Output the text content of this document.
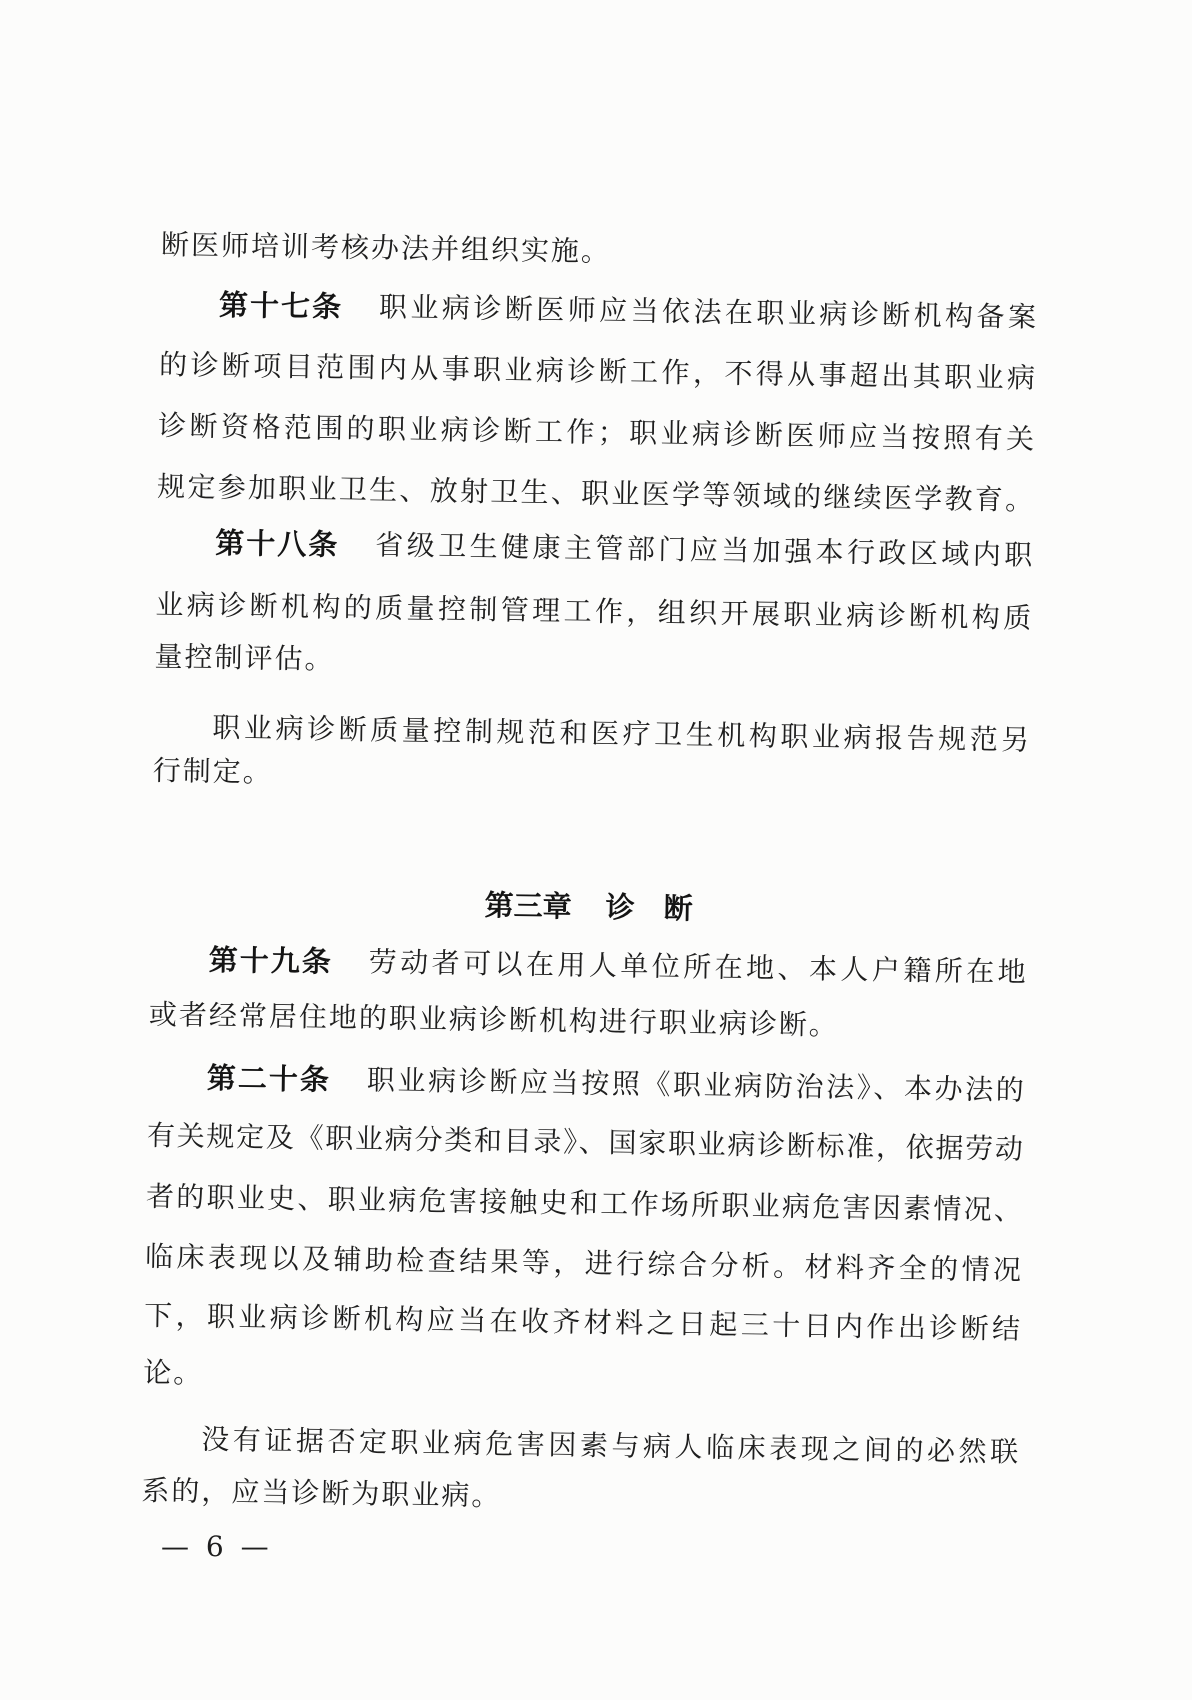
断医师培训考核办法并组织实施。
第十七条 职业病诊断医师应当依法在职业病诊断机构备案
的诊断项目范围内从事职业病诊断工作，不得从事超出其职业病
诊断资格范围的职业病诊断工作；职业病诊断医师应当按照有关
规定参加职业卫生、放射卫生、职业医学等领域的继续医学教育。
第十八条 省级卫生健康主管部门应当加强本行政区域内职
业病诊断机构的质量控制管理工作，组织开展职业病诊断机构质
量控制评估。
职业病诊断质量控制规范和医疗卫生机构职业病报告规范另
行制定。
第三章 诊　断
第十九条 劳动者可以在用人单位所在地、本人户籍所在地
或者经常居住地的职业病诊断机构进行职业病诊断。
第二十条 职业病诊断应当按照《职业病防治法》、本办法的
有关规定及《职业病分类和目录》、国家职业病诊断标准，依据劳动
者的职业史、职业病危害接触史和工作场所职业病危害因素情况、
临床表现以及辅助检查结果等，进行综合分析。材料齐全的情况
下，职业病诊断机构应当在收齐材料之日起三十日内作出诊断结
论。
没有证据否定职业病危害因素与病人临床表现之间的必然联
系的，应当诊断为职业病。
— 6 —
